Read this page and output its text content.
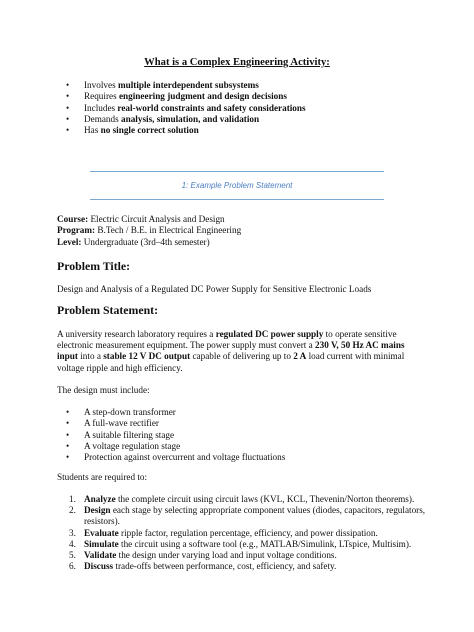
What is a Complex Engineering Activity:
• Involves multiple interdependent subsystems
• Requires engineering judgment and design decisions
• Includes real-world constraints and safety considerations
• Demands analysis, simulation, and validation
• Has no single correct solution
1: Example Problem Statement
Course: Electric Circuit Analysis and Design
Program: B.Tech / B.E. in Electrical Engineering
Level: Undergraduate (3rd–4th semester)
Problem Title:
Design and Analysis of a Regulated DC Power Supply for Sensitive Electronic Loads
Problem Statement:
A university research laboratory requires a regulated DC power supply to operate sensitive electronic measurement equipment. The power supply must convert a 230 V, 50 Hz AC mains input into a stable 12 V DC output capable of delivering up to 2 A load current with minimal voltage ripple and high efficiency.
The design must include:
• A step-down transformer
• A full-wave rectifier
• A suitable filtering stage
• A voltage regulation stage
• Protection against overcurrent and voltage fluctuations
Students are required to:
1. Analyze the complete circuit using circuit laws (KVL, KCL, Thevenin/Norton theorems).
2. Design each stage by selecting appropriate component values (diodes, capacitors, regulators, resistors).
3. Evaluate ripple factor, regulation percentage, efficiency, and power dissipation.
4. Simulate the circuit using a software tool (e.g., MATLAB/Simulink, LTspice, Multisim).
5. Validate the design under varying load and input voltage conditions.
6. Discuss trade-offs between performance, cost, efficiency, and safety.
